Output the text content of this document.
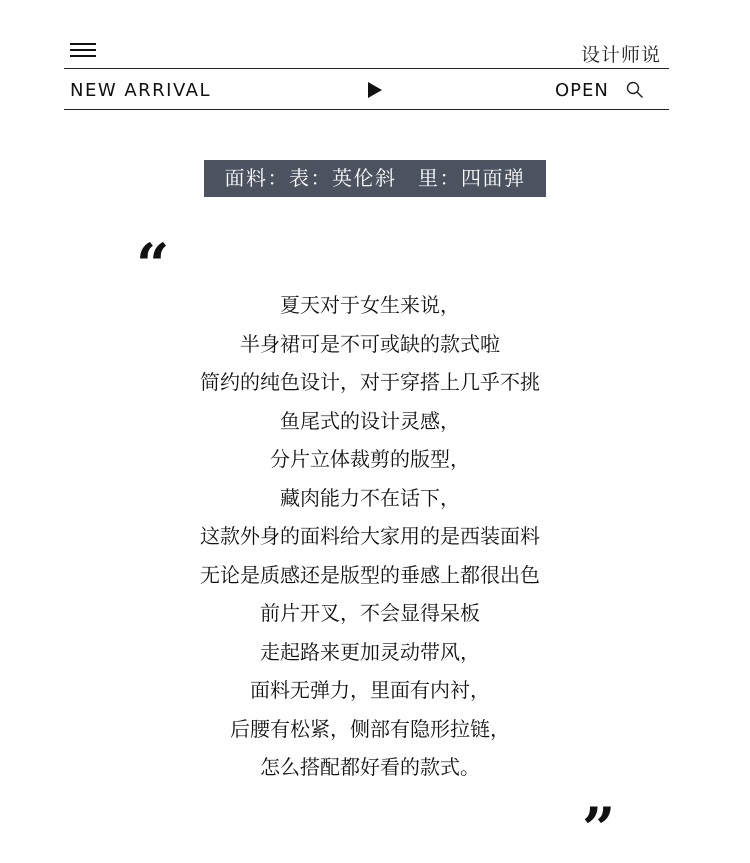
设计师说
NEW ARRIVAL	OPEN
面料：表：英伦斜　里：四面弹
“
夏天对于女生来说，
半身裙可是不可或缺的款式啦
简约的纯色设计，对于穿搭上几乎不挑
鱼尾式的设计灵感，
分片立体裁剪的版型，
藏肉能力不在话下，
这款外身的面料给大家用的是西装面料
无论是质感还是版型的垂感上都很出色
前片开叉，不会显得呆板
走起路来更加灵动带风，
面料无弹力，里面有内衬，
后腰有松紧，侧部有隐形拉链，
怎么搭配都好看的款式。
”
